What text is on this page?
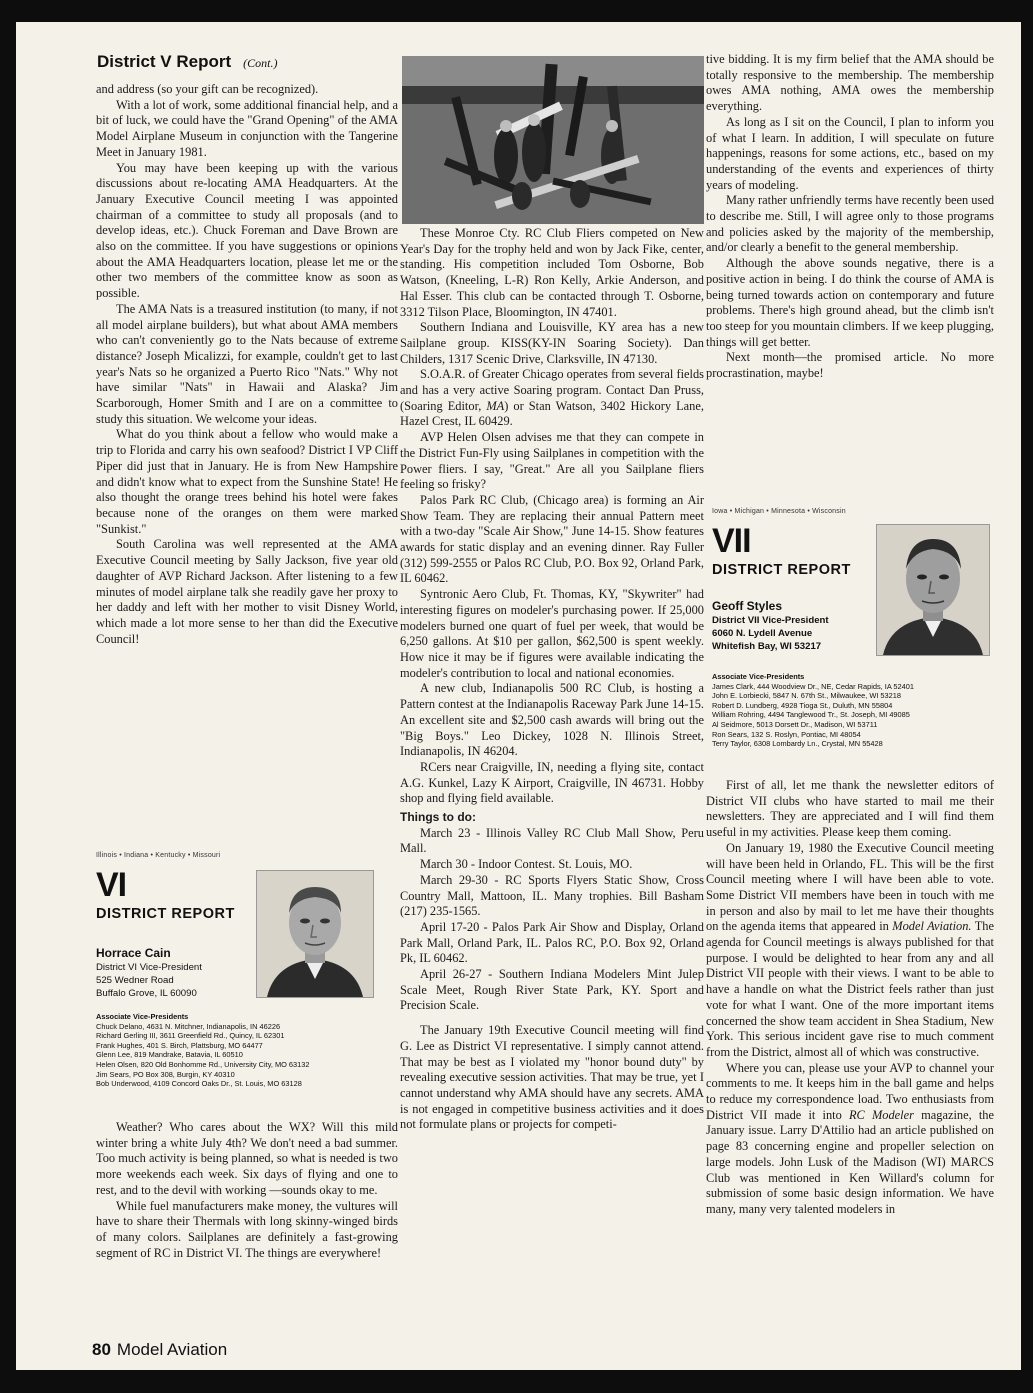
District V Report (Cont.)

and address (so your gift can be recognized).

With a lot of work, some additional financial help, and a bit of luck, we could have the "Grand Opening" of the AMA Model Airplane Museum in conjunction with the Tangerine Meet in January 1981.

You may have been keeping up with the various discussions about re-locating AMA Headquarters. At the January Executive Council meeting I was appointed chairman of a committee to study all proposals (and to develop ideas, etc.). Chuck Foreman and Dave Brown are also on the committee. If you have suggestions or opinions about the AMA Headquarters location, please let me or the other two members of the committee know as soon as possible.

The AMA Nats is a treasured institution (to many, if not all model airplane builders), but what about AMA members who can't conveniently go to the Nats because of extreme distance? Joseph Micalizzi, for example, couldn't get to last year's Nats so he organized a Puerto Rico "Nats." Why not have similar "Nats" in Hawaii and Alaska? Jim Scarborough, Homer Smith and I are on a committee to study this situation. We welcome your ideas.

What do you think about a fellow who would make a trip to Florida and carry his own seafood? District I VP Cliff Piper did just that in January. He is from New Hampshire and didn't know what to expect from the Sunshine State! He also thought the orange trees behind his hotel were fakes because none of the oranges on them were marked "Sunkist."

South Carolina was well represented at the AMA Executive Council meeting by Sally Jackson, five year old daughter of AVP Richard Jackson. After listening to a few minutes of model airplane talk she readily gave her proxy to her daddy and left with her mother to visit Disney World, which made a lot more sense to her than did the Executive Council!

Illinois • Indiana • Kentucky • Missouri
VI
DISTRICT REPORT
Horrace Cain
District VI Vice-President
525 Wedner Road
Buffalo Grove, IL 60090
Associate Vice-Presidents
Chuck Delano, 4631 N. Mitchner, Indianapolis, IN 46226
Richard Gerling III, 3611 Greenfield Rd., Quincy, IL 62301
Frank Hughes, 401 S. Birch, Plattsburg, MO 64477
Glenn Lee, 819 Mandrake, Batavia, IL 60510
Helen Olsen, 820 Old Bonhomme Rd., University City, MO 63132
Jim Sears, PO Box 308, Burgin, KY 40310
Bob Underwood, 4109 Concord Oaks Dr., St. Louis, MO 63128

Weather? Who cares about the WX? Will this mild winter bring a white July 4th? We don't need a bad summer. Too much activity is being planned, so what is needed is two more weekends each week. Six days of flying and one to rest, and to the devil with working —sounds okay to me.

While fuel manufacturers make money, the vultures will have to share their Thermals with long skinny-winged birds of many colors. Sailplanes are definitely a fast-growing segment of RC in District VI. The things are everywhere!

These Monroe Cty. RC Club Fliers competed on New Year's Day for the trophy held and won by Jack Fike, center, standing. His competition included Tom Osborne, Bob Watson, (Kneeling, L-R) Ron Kelly, Arkie Anderson, and Hal Esser. This club can be contacted through T. Osborne, 3312 Tilson Place, Bloomington, IN 47401.

Southern Indiana and Louisville, KY area has a new Sailplane group. KISS(KY-IN Soaring Society). Dan Childers, 1317 Scenic Drive, Clarksville, IN 47130.

S.O.A.R. of Greater Chicago operates from several fields and has a very active Soaring program. Contact Dan Pruss, (Soaring Editor, MA) or Stan Watson, 3402 Hickory Lane, Hazel Crest, IL 60429.

AVP Helen Olsen advises me that they can compete in the District Fun-Fly using Sailplanes in competition with the Power fliers. I say, "Great." Are all you Sailplane fliers feeling so frisky?

Palos Park RC Club, (Chicago area) is forming an Air Show Team. They are replacing their annual Pattern meet with a two-day "Scale Air Show," June 14-15. Show features awards for static display and an evening dinner. Ray Fuller (312) 599-2555 or Palos RC Club, P.O. Box 92, Orland Park, IL 60462.

Syntronic Aero Club, Ft. Thomas, KY, "Skywriter" had interesting figures on modeler's purchasing power. If 25,000 modelers burned one quart of fuel per week, that would be 6,250 gallons. At $10 per gallon, $62,500 is spent weekly. How nice it may be if figures were available indicating the modeler's contribution to local and national economies.

A new club, Indianapolis 500 RC Club, is hosting a Pattern contest at the Indianapolis Raceway Park June 14-15. An excellent site and $2,500 cash awards will bring out the "Big Boys." Leo Dickey, 1028 N. Illinois Street, Indianapolis, IN 46204.

RCers near Craigville, IN, needing a flying site, contact A.G. Kunkel, Lazy K Airport, Craigville, IN 46731. Hobby shop and flying field available.

Things to do:

March 23 - Illinois Valley RC Club Mall Show, Peru Mall.

March 30 - Indoor Contest. St. Louis, MO.

March 29-30 - RC Sports Flyers Static Show, Cross Country Mall, Mattoon, IL. Many trophies. Bill Basham (217) 235-1565.

April 17-20 - Palos Park Air Show and Display, Orland Park Mall, Orland Park, IL. Palos RC, P.O. Box 92, Orland Pk, IL 60462.

April 26-27 - Southern Indiana Modelers Mint Julep Scale Meet, Rough River State Park, KY. Sport and Precision Scale.

The January 19th Executive Council meeting will find G. Lee as District VI representative. I simply cannot attend. That may be best as I violated my "honor bound duty" by revealing executive session activities. That may be true, yet I cannot understand why AMA should have any secrets. AMA is not engaged in competitive business activities and it does not formulate plans or projects for competi-

tive bidding. It is my firm belief that the AMA should be totally responsive to the membership. The membership owes AMA nothing, AMA owes the membership everything.

As long as I sit on the Council, I plan to inform you of what I learn. In addition, I will speculate on future happenings, reasons for some actions, etc., based on my understanding of the events and experiences of thirty years of modeling.

Many rather unfriendly terms have recently been used to describe me. Still, I will agree only to those programs and policies asked by the majority of the membership, and/or clearly a benefit to the general membership.

Although the above sounds negative, there is a positive action in being. I do think the course of AMA is being turned towards action on contemporary and future problems. There's high ground ahead, but the climb isn't too steep for you mountain climbers. If we keep plugging, things will get better.

Next month—the promised article. No more procrastination, maybe!

Iowa • Michigan • Minnesota • Wisconsin
VII
DISTRICT REPORT
Geoff Styles
District VII Vice-President
6060 N. Lydell Avenue
Whitefish Bay, WI 53217
Associate Vice-Presidents
James Clark, 444 Woodview Dr., NE, Cedar Rapids, IA 52401
John E. Lorbiecki, 5847 N. 67th St., Milwaukee, WI 53218
Robert D. Lundberg, 4928 Tioga St., Duluth, MN 55804
William Rohring, 4494 Tanglewood Tr., St. Joseph, MI 49085
Al Seidmore, 5013 Dorsett Dr., Madison, WI 53711
Ron Sears, 132 S. Roslyn, Pontiac, MI 48054
Terry Taylor, 6308 Lombardy Ln., Crystal, MN 55428

First of all, let me thank the newsletter editors of District VII clubs who have started to mail me their newsletters. They are appreciated and I will find them useful in my activities. Please keep them coming.

On January 19, 1980 the Executive Council meeting will have been held in Orlando, FL. This will be the first Council meeting where I will have been able to vote. Some District VII members have been in touch with me in person and also by mail to let me have their thoughts on the agenda items that appeared in Model Aviation. The agenda for Council meetings is always published for that purpose. I would be delighted to hear from any and all District VII people with their views. I want to be able to have a handle on what the District feels rather than just vote for what I want. One of the more important items concerned the show team accident in Shea Stadium, New York. This serious incident gave rise to much comment from the District, almost all of which was constructive.

Where you can, please use your AVP to channel your comments to me. It keeps him in the ball game and helps to reduce my correspondence load. Two enthusiasts from District VII made it into RC Modeler magazine, the January issue. Larry D'Attilio had an article published on page 83 concerning engine and propeller selection on large models. John Lusk of the Madison (WI) MARCS Club was mentioned in Ken Willard's column for submission of some basic design information. We have many, many very talented modelers in

80 Model Aviation
